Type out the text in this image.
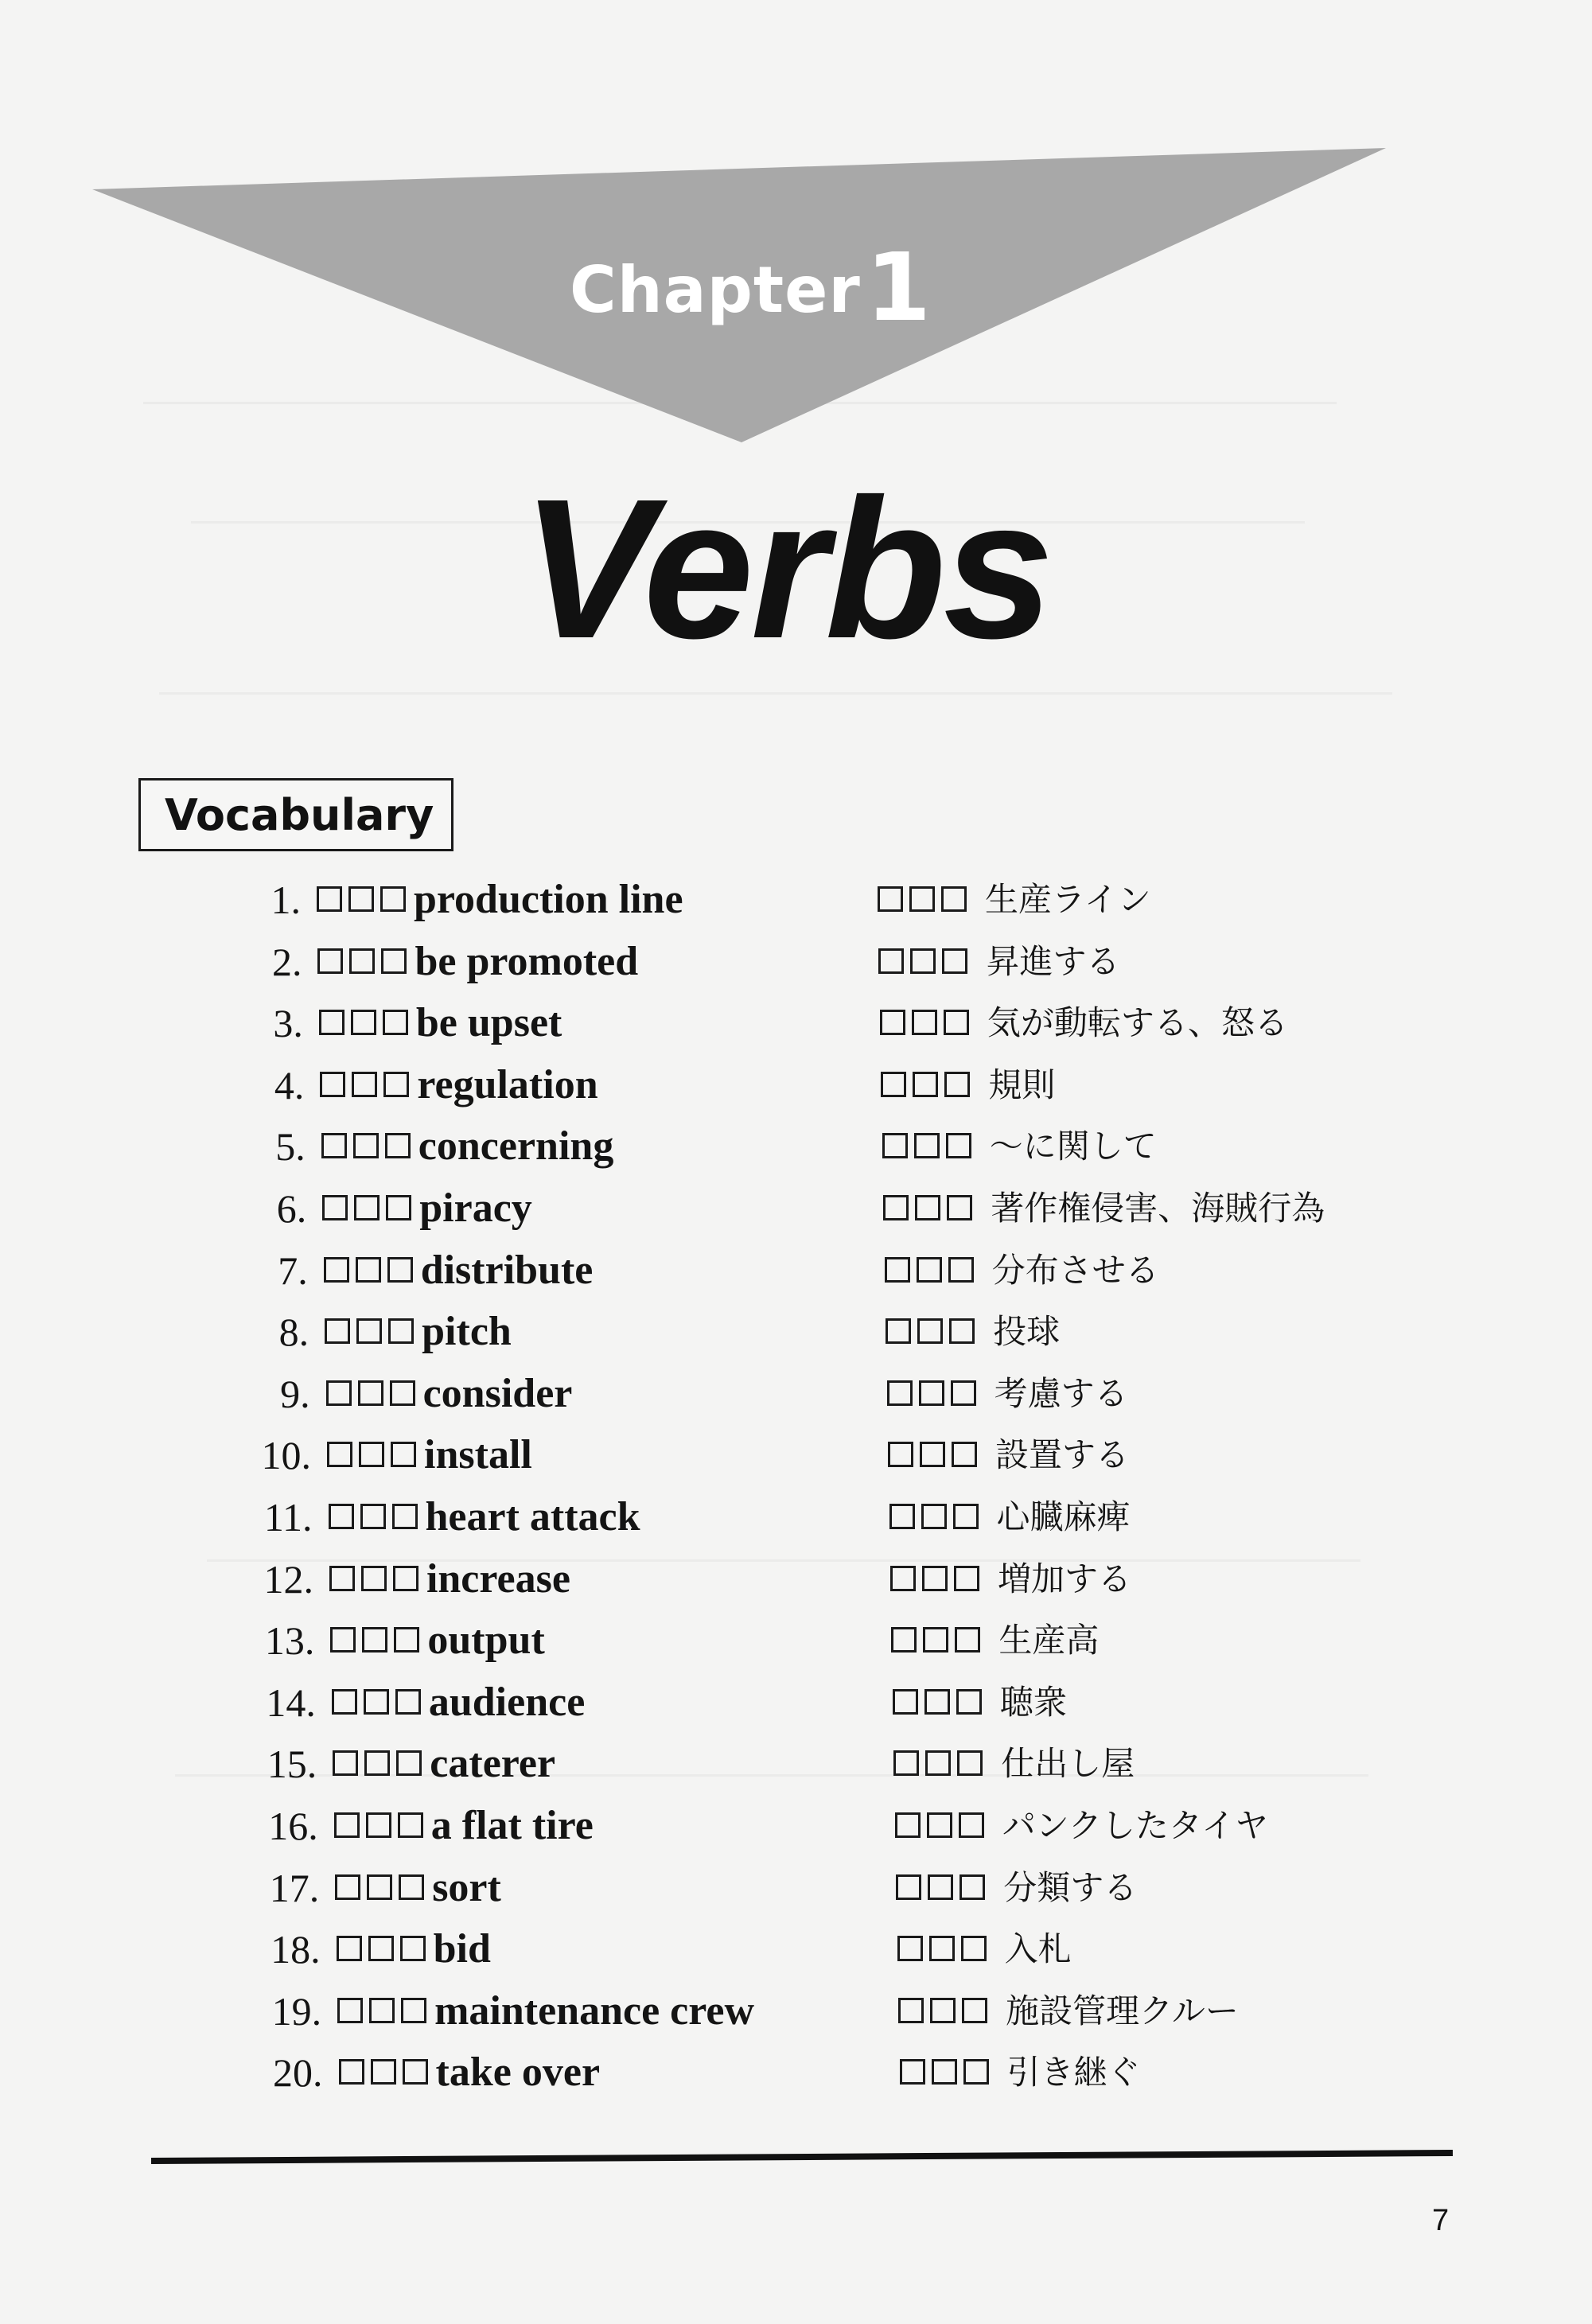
Chapter 1
Verbs
Vocabulary
1.	production line	生産ライン
2.	be promoted	昇進する
3.	be upset	気が動転する、怒る
4.	regulation	規則
5.	concerning	～に関して
6.	piracy	著作権侵害、海賊行為
7.	distribute	分布させる
8.	pitch	投球
9.	consider	考慮する
10.	install	設置する
11.	heart attack	心臓麻痺
12.	increase	増加する
13.	output	生産高
14.	audience	聴衆
15.	caterer	仕出し屋
16.	a flat tire	パンクしたタイヤ
17.	sort	分類する
18.	bid	入札
19.	maintenance crew	施設管理クルー
20.	take over	引き継ぐ
7
